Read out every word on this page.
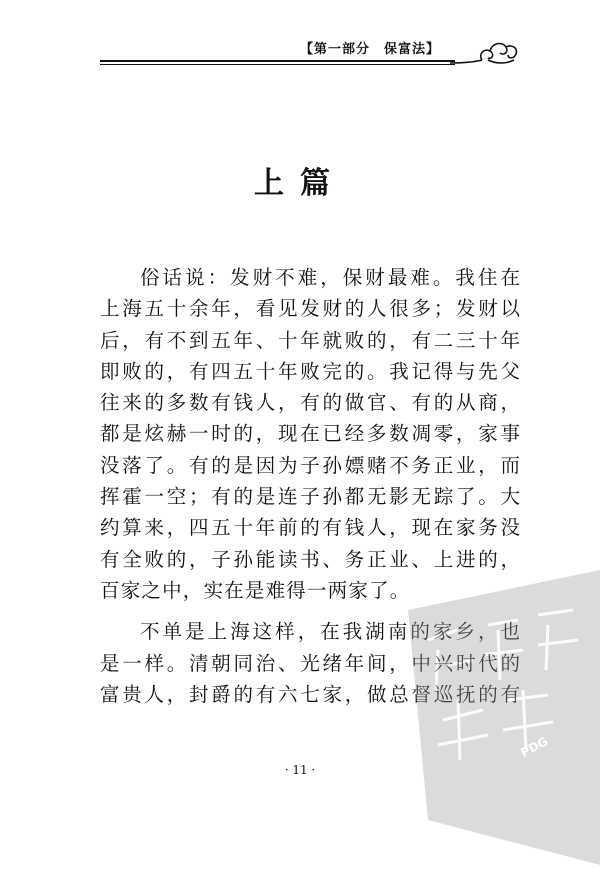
【第一部分　保富法】
上篇
俗话说：发财不难，保财最难。我住在
上海五十余年，看见发财的人很多；发财以
后，有不到五年、十年就败的，有二三十年
即败的，有四五十年败完的。我记得与先父
往来的多数有钱人，有的做官、有的从商，
都是炫赫一时的，现在已经多数凋零，家事
没落了。有的是因为子孙嫖赌不务正业，而
挥霍一空；有的是连子孙都无影无踪了。大
约算来，四五十年前的有钱人，现在家务没
有全败的，子孙能读书、务正业、上进的，
百家之中，实在是难得一两家了。
不单是上海这样，在我湖南的家乡，也
是一样。清朝同治、光绪年间，中兴时代的
富贵人，封爵的有六七家，做总督巡抚的有
· 11 ·
PDG
